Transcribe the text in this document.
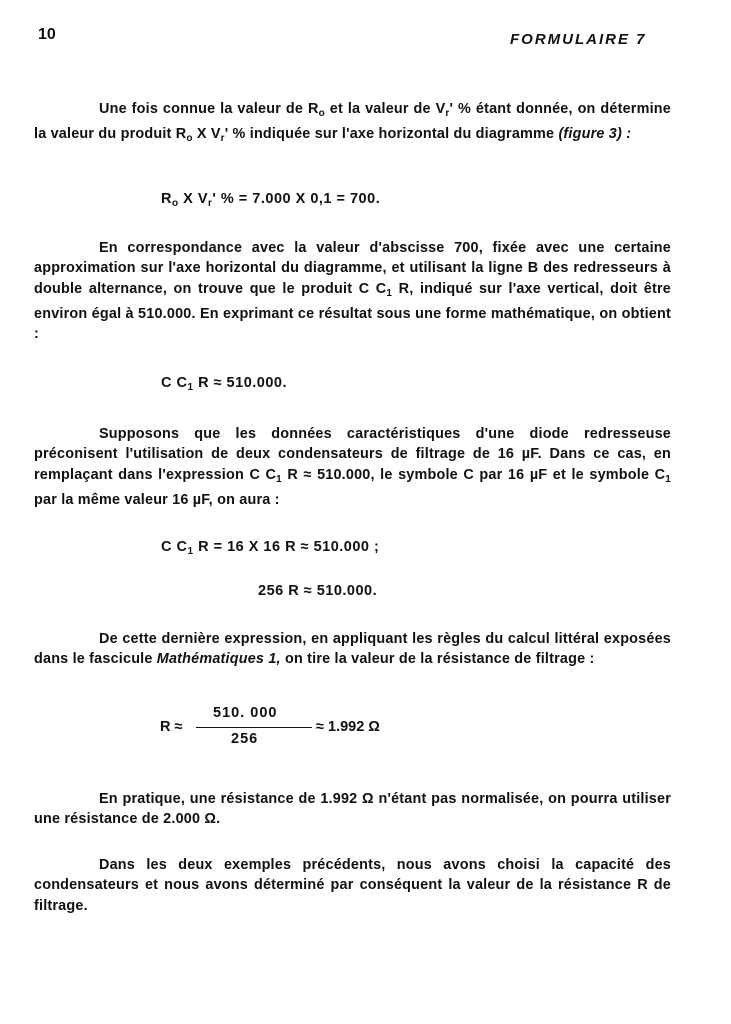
10	FORMULAIRE 7
Une fois connue la valeur de $R_o$ et la valeur de $V_r'$ % étant donnée, on détermine la valeur du produit $R_o$ X $V_r'$ % indiquée sur l'axe horizontal du diagramme (figure 3) :
$R_o$ X $V_r'$ % = 7.000 X 0,1 = 700.
En correspondance avec la valeur d'abscisse 700, fixée avec une certaine approximation sur l'axe horizontal du diagramme, et utilisant la ligne B des redresseurs à double alternance, on trouve que le produit C $C_1$ R, indiqué sur l'axe vertical, doit être environ égal à 510.000. En exprimant ce résultat sous une forme mathématique, on obtient :
C $C_1$ R ≈ 510.000.
Supposons que les données caractéristiques d'une diode redresseuse préconisent l'utilisation de deux condensateurs de filtrage de 16 µF. Dans ce cas, en remplaçant dans l'expression C $C_1$ R ≈ 510.000, le symbole C par 16 µF et le symbole $C_1$ par la même valeur 16 µF, on aura :
C $C_1$ R = 16 X 16 R ≈ 510.000 ;
256 R ≈ 510.000.
De cette dernière expression, en appliquant les règles du calcul littéral exposées dans le fascicule Mathématiques 1, on tire la valeur de la résistance de filtrage :
R ≈
510. 000
256
≈ 1.992 Ω
En pratique, une résistance de 1.992 Ω n'étant pas normalisée, on pourra utiliser une résistance de 2.000 Ω.
Dans les deux exemples précédents, nous avons choisi la capacité des condensateurs et nous avons déterminé par conséquent la valeur de la résistance R de filtrage.
